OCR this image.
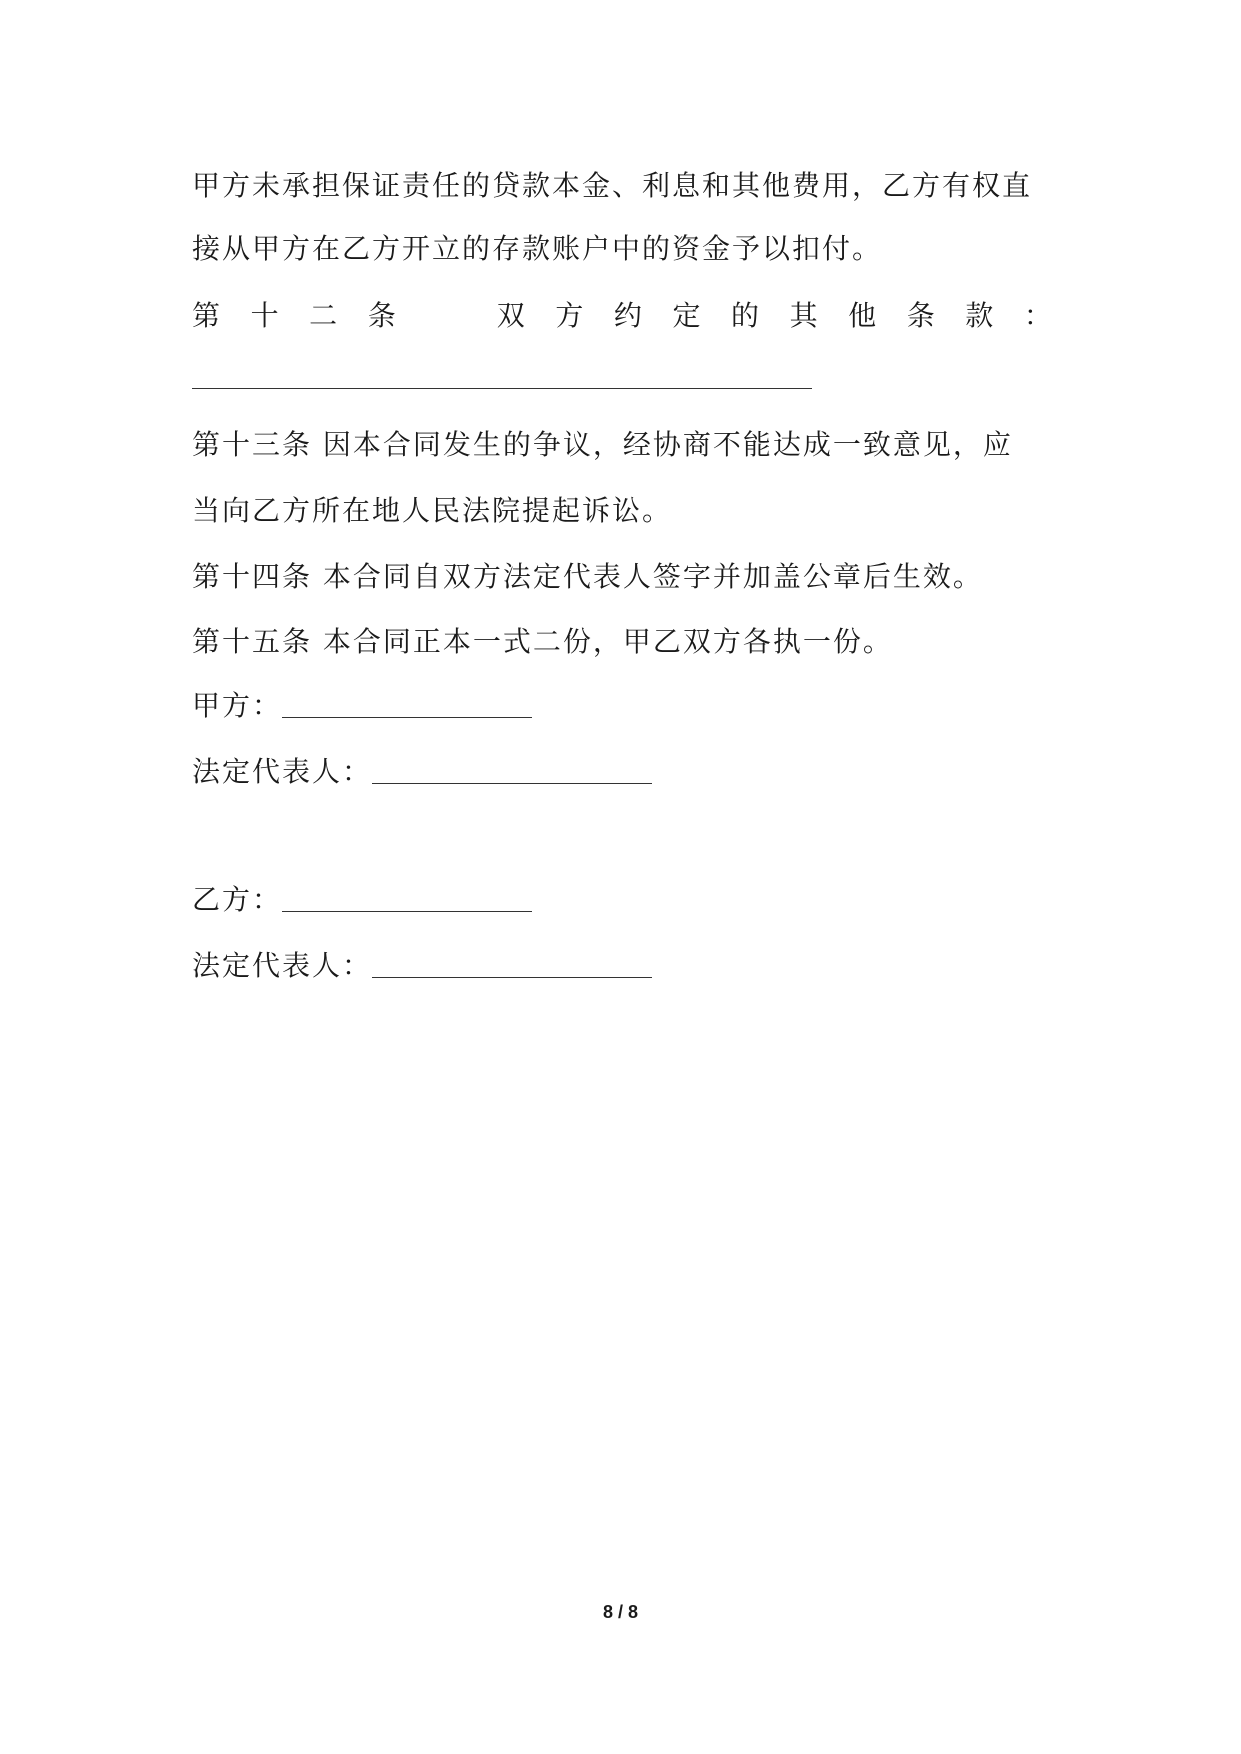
甲方未承担保证责任的贷款本金、利息和其他费用，乙方有权直
接从甲方在乙方开立的存款账户中的资金予以扣付。
第 十 二 条	双 方 约 定 的 其 他 条 款 ：
第十三条 因本合同发生的争议，经协商不能达成一致意见，应
当向乙方所在地人民法院提起诉讼。
第十四条 本合同自双方法定代表人签字并加盖公章后生效。
第十五条 本合同正本一式二份，甲乙双方各执一份。
甲方：
法定代表人：
乙方：
法定代表人：
8 / 8
